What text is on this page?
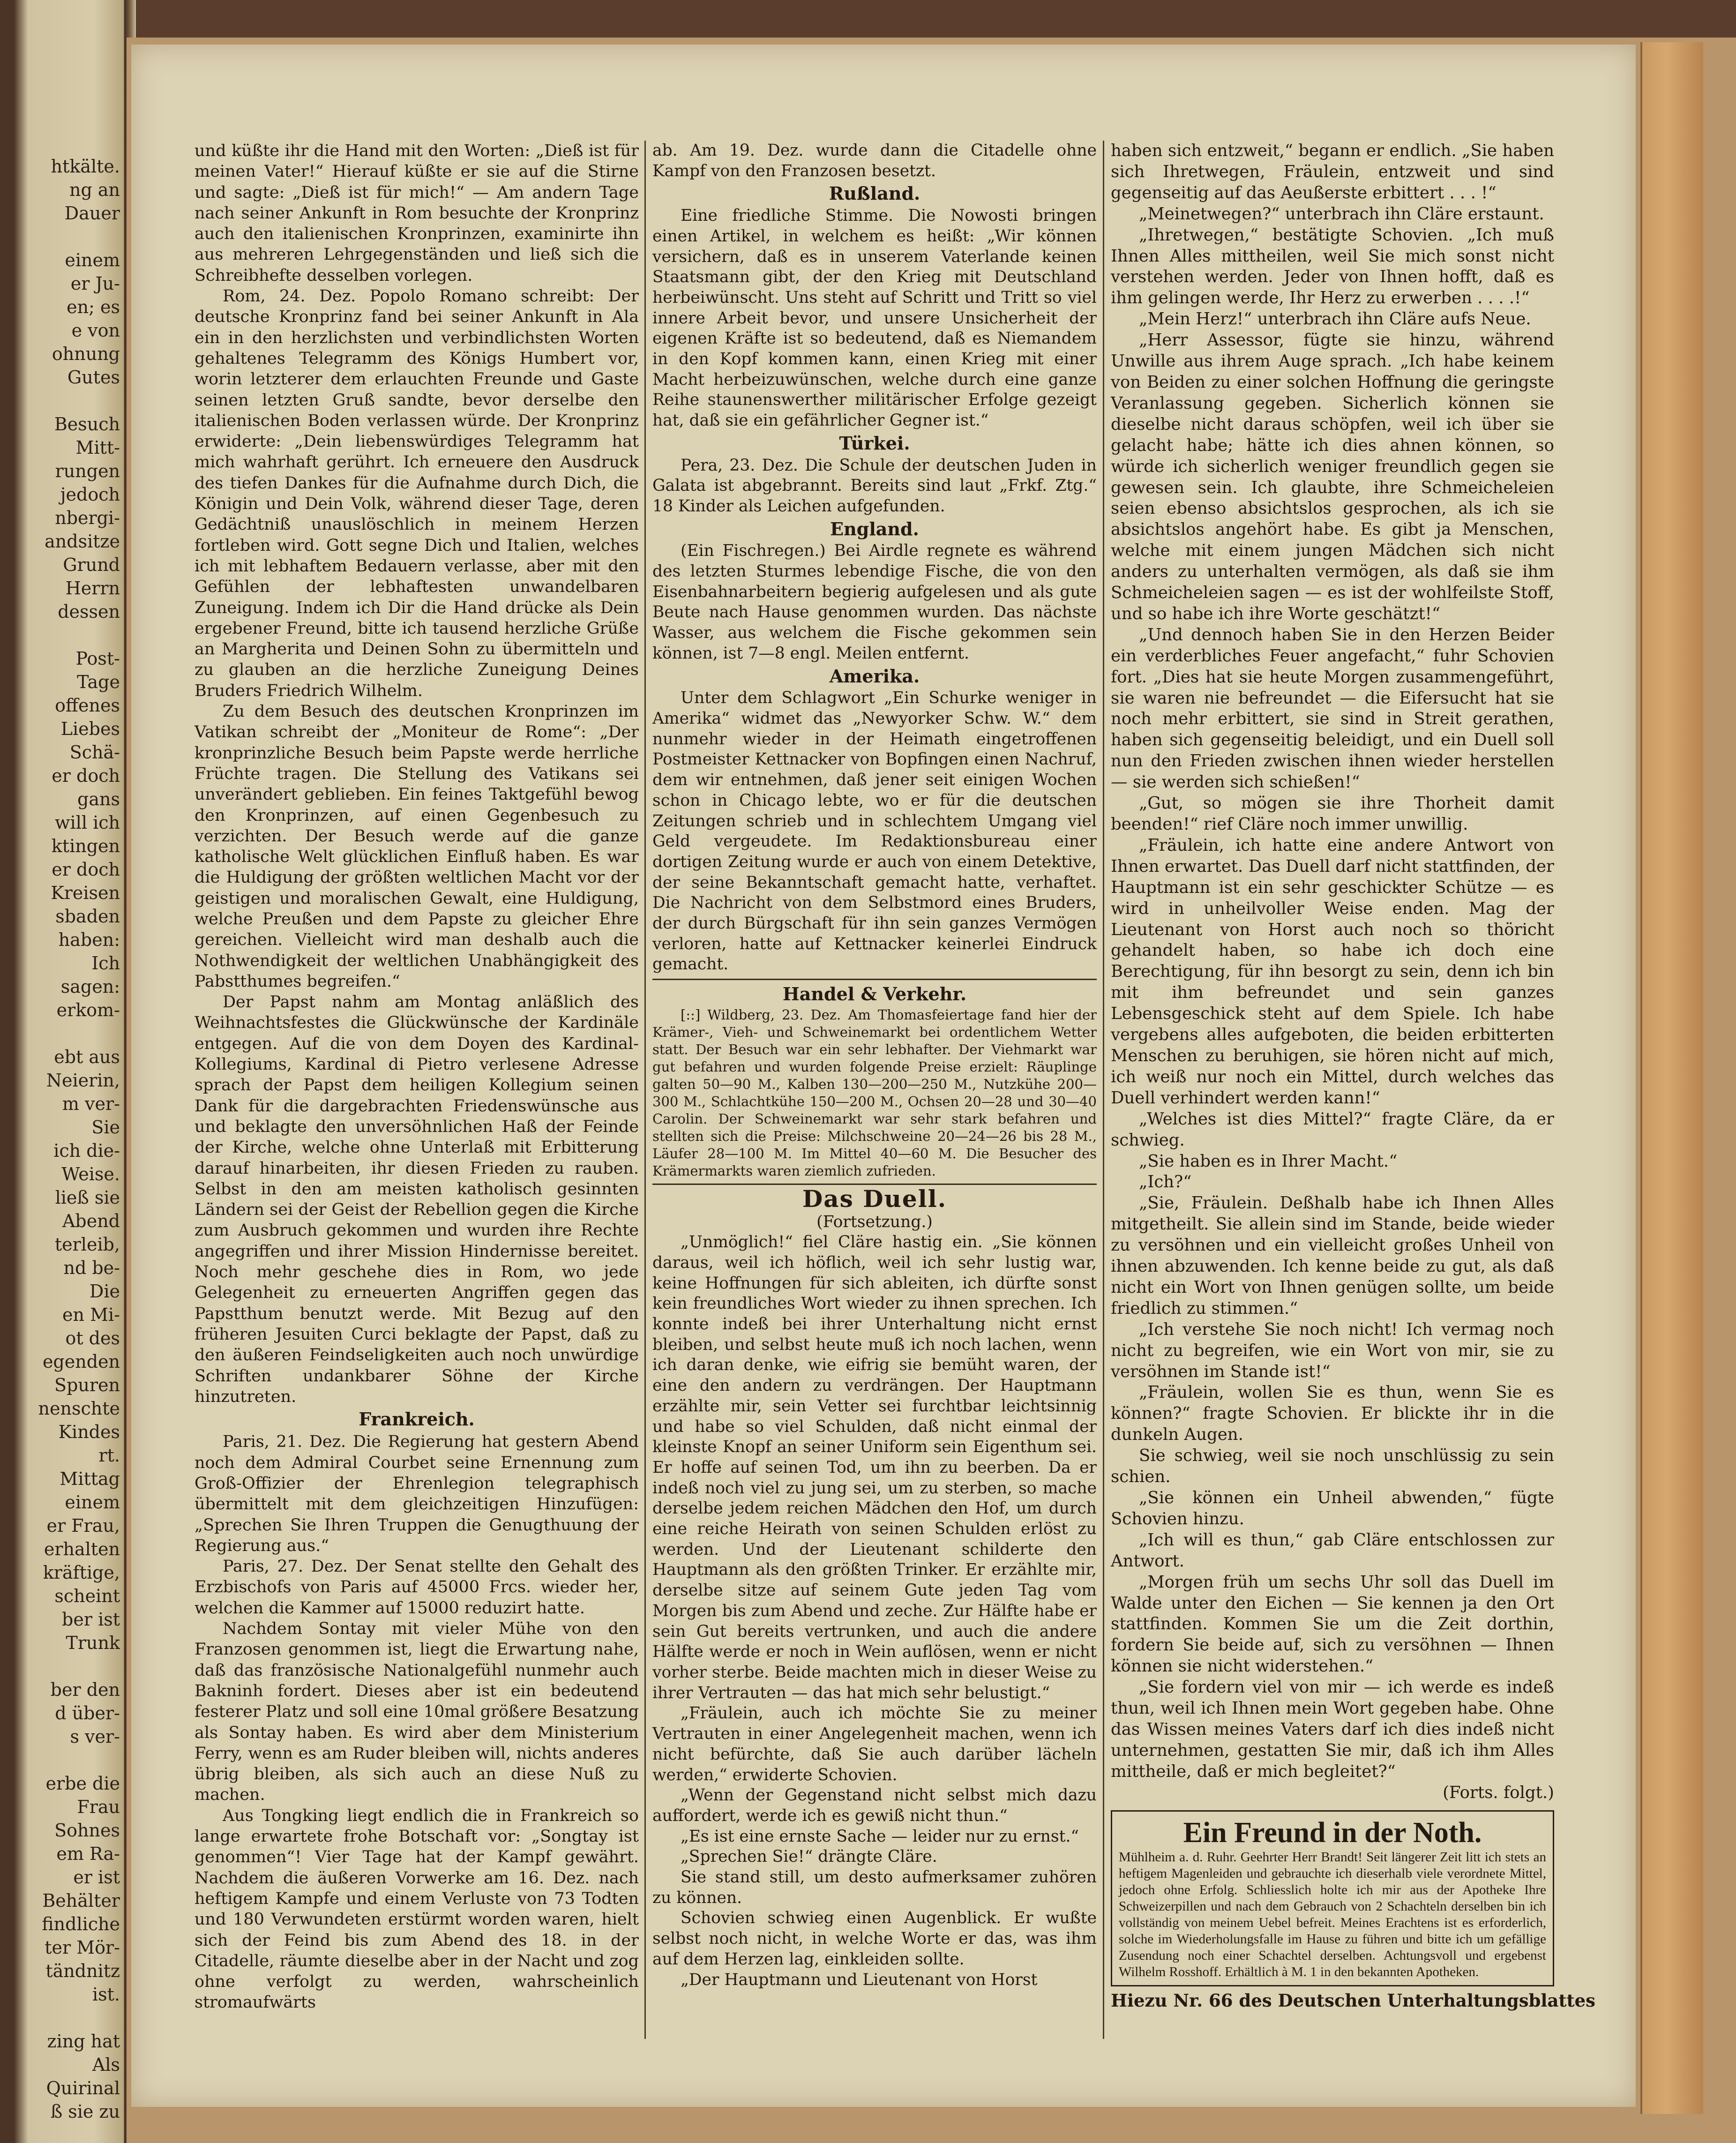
htkälte.
ng an
Dauer
einem
er Ju-
en; es
e von
ohnung
Gutes
Besuch
Mitt-
rungen
jedoch
nbergi-
andsitze
Grund
Herrn
dessen
Post-
Tage
offenes
Liebes
Schä-
er doch
gans
will ich
ktingen
er doch
Kreisen
sbaden
haben:
Ich
sagen:
erkom-
ebt aus
Neierin,
m ver-
Sie
ich die-
Weise.
ließ sie
Abend
terleib,
nd be-
Die
en Mi-
ot des
egenden
Spuren
nenschte
Kindes
rt.
Mittag
einem
er Frau,
erhalten
kräftige,
scheint
ber ist
Trunk
ber den
d über-
s ver-
erbe die
Frau
Sohnes
em Ra-
er ist
Behälter
findliche
ter Mör-
tändnitz
ist.
zing hat
Als
Quirinal
ß sie zu

und küßte ihr die Hand mit den Worten: „Dieß ist für meinen Vater!“ Hierauf küßte er sie auf die Stirne und sagte: „Dieß ist für mich!“ — Am andern Tage nach seiner Ankunft in Rom besuchte der Kronprinz auch den italienischen Kronprinzen, examinirte ihn aus mehreren Lehrgegenständen und ließ sich die Schreibhefte desselben vorlegen.

Rom, 24. Dez. Popolo Romano schreibt: Der deutsche Kronprinz fand bei seiner Ankunft in Ala ein in den herzlichsten und verbindlichsten Worten gehaltenes Telegramm des Königs Humbert vor, worin letzterer dem erlauchten Freunde und Gaste seinen letzten Gruß sandte, bevor derselbe den italienischen Boden verlassen würde. Der Kronprinz erwiderte: „Dein liebenswürdiges Telegramm hat mich wahrhaft gerührt. Ich erneuere den Ausdruck des tiefen Dankes für die Aufnahme durch Dich, die Königin und Dein Volk, während dieser Tage, deren Gedächtniß unauslöschlich in meinem Herzen fortleben wird. Gott segne Dich und Italien, welches ich mit lebhaftem Bedauern verlasse, aber mit den Gefühlen der lebhaftesten unwandelbaren Zuneigung. Indem ich Dir die Hand drücke als Dein ergebener Freund, bitte ich tausend herzliche Grüße an Margherita und Deinen Sohn zu übermitteln und zu glauben an die herzliche Zuneigung Deines Bruders Friedrich Wilhelm.

Zu dem Besuch des deutschen Kronprinzen im Vatikan schreibt der „Moniteur de Rome“: „Der kronprinzliche Besuch beim Papste werde herrliche Früchte tragen. Die Stellung des Vatikans sei unverändert geblieben. Ein feines Taktgefühl bewog den Kronprinzen, auf einen Gegenbesuch zu verzichten. Der Besuch werde auf die ganze katholische Welt glücklichen Einfluß haben. Es war die Huldigung der größten weltlichen Macht vor der geistigen und moralischen Gewalt, eine Huldigung, welche Preußen und dem Papste zu gleicher Ehre gereichen. Vielleicht wird man deshalb auch die Nothwendigkeit der weltlichen Unabhängigkeit des Pabstthumes begreifen.“

Der Papst nahm am Montag anläßlich des Weihnachtsfestes die Glückwünsche der Kardinäle entgegen. Auf die von dem Doyen des Kardinal-Kollegiums, Kardinal di Pietro verlesene Adresse sprach der Papst dem heiligen Kollegium seinen Dank für die dargebrachten Friedenswünsche aus und beklagte den unversöhnlichen Haß der Feinde der Kirche, welche ohne Unterlaß mit Erbitterung darauf hinarbeiten, ihr diesen Frieden zu rauben. Selbst in den am meisten katholisch gesinnten Ländern sei der Geist der Rebellion gegen die Kirche zum Ausbruch gekommen und wurden ihre Rechte angegriffen und ihrer Mission Hindernisse bereitet. Noch mehr geschehe dies in Rom, wo jede Gelegenheit zu erneuerten Angriffen gegen das Papstthum benutzt werde. Mit Bezug auf den früheren Jesuiten Curci beklagte der Papst, daß zu den äußeren Feindseligkeiten auch noch unwürdige Schriften undankbarer Söhne der Kirche hinzutreten.

Frankreich.

Paris, 21. Dez. Die Regierung hat gestern Abend noch dem Admiral Courbet seine Ernennung zum Groß-Offizier der Ehrenlegion telegraphisch übermittelt mit dem gleichzeitigen Hinzufügen: „Sprechen Sie Ihren Truppen die Genugthuung der Regierung aus.“

Paris, 27. Dez. Der Senat stellte den Gehalt des Erzbischofs von Paris auf 45000 Frcs. wieder her, welchen die Kammer auf 15000 reduzirt hatte.

Nachdem Sontay mit vieler Mühe von den Franzosen genommen ist, liegt die Erwartung nahe, daß das französische Nationalgefühl nunmehr auch Bakninh fordert. Dieses aber ist ein bedeutend festerer Platz und soll eine 10mal größere Besatzung als Sontay haben. Es wird aber dem Ministerium Ferry, wenn es am Ruder bleiben will, nichts anderes übrig bleiben, als sich auch an diese Nuß zu machen.

Aus Tongking liegt endlich die in Frankreich so lange erwartete frohe Botschaft vor: „Songtay ist genommen“! Vier Tage hat der Kampf gewährt. Nachdem die äußeren Vorwerke am 16. Dez. nach heftigem Kampfe und einem Verluste von 73 Todten und 180 Verwundeten erstürmt worden waren, hielt sich der Feind bis zum Abend des 18. in der Citadelle, räumte dieselbe aber in der Nacht und zog ohne verfolgt zu werden, wahrscheinlich stromaufwärts

ab. Am 19. Dez. wurde dann die Citadelle ohne Kampf von den Franzosen besetzt.

Rußland.

Eine friedliche Stimme. Die Nowosti bringen einen Artikel, in welchem es heißt: „Wir können versichern, daß es in unserem Vaterlande keinen Staatsmann gibt, der den Krieg mit Deutschland herbeiwünscht. Uns steht auf Schritt und Tritt so viel innere Arbeit bevor, und unsere Unsicherheit der eigenen Kräfte ist so bedeutend, daß es Niemandem in den Kopf kommen kann, einen Krieg mit einer Macht herbeizuwünschen, welche durch eine ganze Reihe staunenswerther militärischer Erfolge gezeigt hat, daß sie ein gefährlicher Gegner ist.“

Türkei.

Pera, 23. Dez. Die Schule der deutschen Juden in Galata ist abgebrannt. Bereits sind laut „Frkf. Ztg.“ 18 Kinder als Leichen aufgefunden.

England.

(Ein Fischregen.) Bei Airdle regnete es während des letzten Sturmes lebendige Fische, die von den Eisenbahnarbeitern begierig aufgelesen und als gute Beute nach Hause genommen wurden. Das nächste Wasser, aus welchem die Fische gekommen sein können, ist 7—8 engl. Meilen entfernt.

Amerika.

Unter dem Schlagwort „Ein Schurke weniger in Amerika“ widmet das „Newyorker Schw. W.“ dem nunmehr wieder in der Heimath eingetroffenen Postmeister Kettnacker von Bopfingen einen Nachruf, dem wir entnehmen, daß jener seit einigen Wochen schon in Chicago lebte, wo er für die deutschen Zeitungen schrieb und in schlechtem Umgang viel Geld vergeudete. Im Redaktionsbureau einer dortigen Zeitung wurde er auch von einem Detektive, der seine Bekanntschaft gemacht hatte, verhaftet. Die Nachricht von dem Selbstmord eines Bruders, der durch Bürgschaft für ihn sein ganzes Vermögen verloren, hatte auf Kettnacker keinerlei Eindruck gemacht.

Handel & Verkehr.

[::] Wildberg, 23. Dez. Am Thomasfeiertage fand hier der Krämer-, Vieh- und Schweinemarkt bei ordentlichem Wetter statt. Der Besuch war ein sehr lebhafter. Der Viehmarkt war gut befahren und wurden folgende Preise erzielt: Räuplinge galten 50—90 M., Kalben 130—200—250 M., Nutzkühe 200—300 M., Schlachtkühe 150—200 M., Ochsen 20—28 und 30—40 Carolin. Der Schweinemarkt war sehr stark befahren und stellten sich die Preise: Milchschweine 20—24—26 bis 28 M., Läufer 28—100 M. Im Mittel 40—60 M. Die Besucher des Krämermarkts waren ziemlich zufrieden.

Das Duell.

(Fortsetzung.)

„Unmöglich!“ fiel Cläre hastig ein. „Sie können daraus, weil ich höflich, weil ich sehr lustig war, keine Hoffnungen für sich ableiten, ich dürfte sonst kein freundliches Wort wieder zu ihnen sprechen. Ich konnte indeß bei ihrer Unterhaltung nicht ernst bleiben, und selbst heute muß ich noch lachen, wenn ich daran denke, wie eifrig sie bemüht waren, der eine den andern zu verdrängen. Der Hauptmann erzählte mir, sein Vetter sei furchtbar leichtsinnig und habe so viel Schulden, daß nicht einmal der kleinste Knopf an seiner Uniform sein Eigenthum sei. Er hoffe auf seinen Tod, um ihn zu beerben. Da er indeß noch viel zu jung sei, um zu sterben, so mache derselbe jedem reichen Mädchen den Hof, um durch eine reiche Heirath von seinen Schulden erlöst zu werden. Und der Lieutenant schilderte den Hauptmann als den größten Trinker. Er erzählte mir, derselbe sitze auf seinem Gute jeden Tag vom Morgen bis zum Abend und zeche. Zur Hälfte habe er sein Gut bereits vertrunken, und auch die andere Hälfte werde er noch in Wein auflösen, wenn er nicht vorher sterbe. Beide machten mich in dieser Weise zu ihrer Vertrauten — das hat mich sehr belustigt.“

„Fräulein, auch ich möchte Sie zu meiner Vertrauten in einer Angelegenheit machen, wenn ich nicht befürchte, daß Sie auch darüber lächeln werden,“ erwiderte Schovien.

„Wenn der Gegenstand nicht selbst mich dazu auffordert, werde ich es gewiß nicht thun.“

„Es ist eine ernste Sache — leider nur zu ernst.“

„Sprechen Sie!“ drängte Cläre.

Sie stand still, um desto aufmerksamer zuhören zu können.

Schovien schwieg einen Augenblick. Er wußte selbst noch nicht, in welche Worte er das, was ihm auf dem Herzen lag, einkleiden sollte.

„Der Hauptmann und Lieutenant von Horst

haben sich entzweit,“ begann er endlich. „Sie haben sich Ihretwegen, Fräulein, entzweit und sind gegenseitig auf das Aeußerste erbittert . . . !“

„Meinetwegen?“ unterbrach ihn Cläre erstaunt.

„Ihretwegen,“ bestätigte Schovien. „Ich muß Ihnen Alles mittheilen, weil Sie mich sonst nicht verstehen werden. Jeder von Ihnen hofft, daß es ihm gelingen werde, Ihr Herz zu erwerben . . . .!“

„Mein Herz!“ unterbrach ihn Cläre aufs Neue.

„Herr Assessor, fügte sie hinzu, während Unwille aus ihrem Auge sprach. „Ich habe keinem von Beiden zu einer solchen Hoffnung die geringste Veranlassung gegeben. Sicherlich können sie dieselbe nicht daraus schöpfen, weil ich über sie gelacht habe; hätte ich dies ahnen können, so würde ich sicherlich weniger freundlich gegen sie gewesen sein. Ich glaubte, ihre Schmeicheleien seien ebenso absichtslos gesprochen, als ich sie absichtslos angehört habe. Es gibt ja Menschen, welche mit einem jungen Mädchen sich nicht anders zu unterhalten vermögen, als daß sie ihm Schmeicheleien sagen — es ist der wohlfeilste Stoff, und so habe ich ihre Worte geschätzt!“

„Und dennoch haben Sie in den Herzen Beider ein verderbliches Feuer angefacht,“ fuhr Schovien fort. „Dies hat sie heute Morgen zusammengeführt, sie waren nie befreundet — die Eifersucht hat sie noch mehr erbittert, sie sind in Streit gerathen, haben sich gegenseitig beleidigt, und ein Duell soll nun den Frieden zwischen ihnen wieder herstellen — sie werden sich schießen!“

„Gut, so mögen sie ihre Thorheit damit beenden!“ rief Cläre noch immer unwillig.

„Fräulein, ich hatte eine andere Antwort von Ihnen erwartet. Das Duell darf nicht stattfinden, der Hauptmann ist ein sehr geschickter Schütze — es wird in unheilvoller Weise enden. Mag der Lieutenant von Horst auch noch so thöricht gehandelt haben, so habe ich doch eine Berechtigung, für ihn besorgt zu sein, denn ich bin mit ihm befreundet und sein ganzes Lebensgeschick steht auf dem Spiele. Ich habe vergebens alles aufgeboten, die beiden erbitterten Menschen zu beruhigen, sie hören nicht auf mich, ich weiß nur noch ein Mittel, durch welches das Duell verhindert werden kann!“

„Welches ist dies Mittel?“ fragte Cläre, da er schwieg.

„Sie haben es in Ihrer Macht.“

„Ich?“

„Sie, Fräulein. Deßhalb habe ich Ihnen Alles mitgetheilt. Sie allein sind im Stande, beide wieder zu versöhnen und ein vielleicht großes Unheil von ihnen abzuwenden. Ich kenne beide zu gut, als daß nicht ein Wort von Ihnen genügen sollte, um beide friedlich zu stimmen.“

„Ich verstehe Sie noch nicht! Ich vermag noch nicht zu begreifen, wie ein Wort von mir, sie zu versöhnen im Stande ist!“

„Fräulein, wollen Sie es thun, wenn Sie es können?“ fragte Schovien. Er blickte ihr in die dunkeln Augen.

Sie schwieg, weil sie noch unschlüssig zu sein schien.

„Sie können ein Unheil abwenden,“ fügte Schovien hinzu.

„Ich will es thun,“ gab Cläre entschlossen zur Antwort.

„Morgen früh um sechs Uhr soll das Duell im Walde unter den Eichen — Sie kennen ja den Ort stattfinden. Kommen Sie um die Zeit dorthin, fordern Sie beide auf, sich zu versöhnen — Ihnen können sie nicht widerstehen.“

„Sie fordern viel von mir — ich werde es indeß thun, weil ich Ihnen mein Wort gegeben habe. Ohne das Wissen meines Vaters darf ich dies indeß nicht unternehmen, gestatten Sie mir, daß ich ihm Alles mittheile, daß er mich begleitet?“

(Forts. folgt.)

Ein Freund in der Noth.
Mühlheim a. d. Ruhr. Geehrter Herr Brandt! Seit längerer Zeit litt ich stets an heftigem Magenleiden und gebrauchte ich dieserhalb viele verordnete Mittel, jedoch ohne Erfolg. Schliesslich holte ich mir aus der Apotheke Ihre Schweizerpillen und nach dem Gebrauch von 2 Schachteln derselben bin ich vollständig von meinem Uebel befreit. Meines Erachtens ist es erforderlich, solche im Wiederholungsfalle im Hause zu führen und bitte ich um gefällige Zusendung noch einer Schachtel derselben. Achtungsvoll und ergebenst Wilhelm Rosshoff. Erhältlich à M. 1 in den bekannten Apotheken.
Hiezu Nr. 66 des Deutschen Unterhaltungsblattes
